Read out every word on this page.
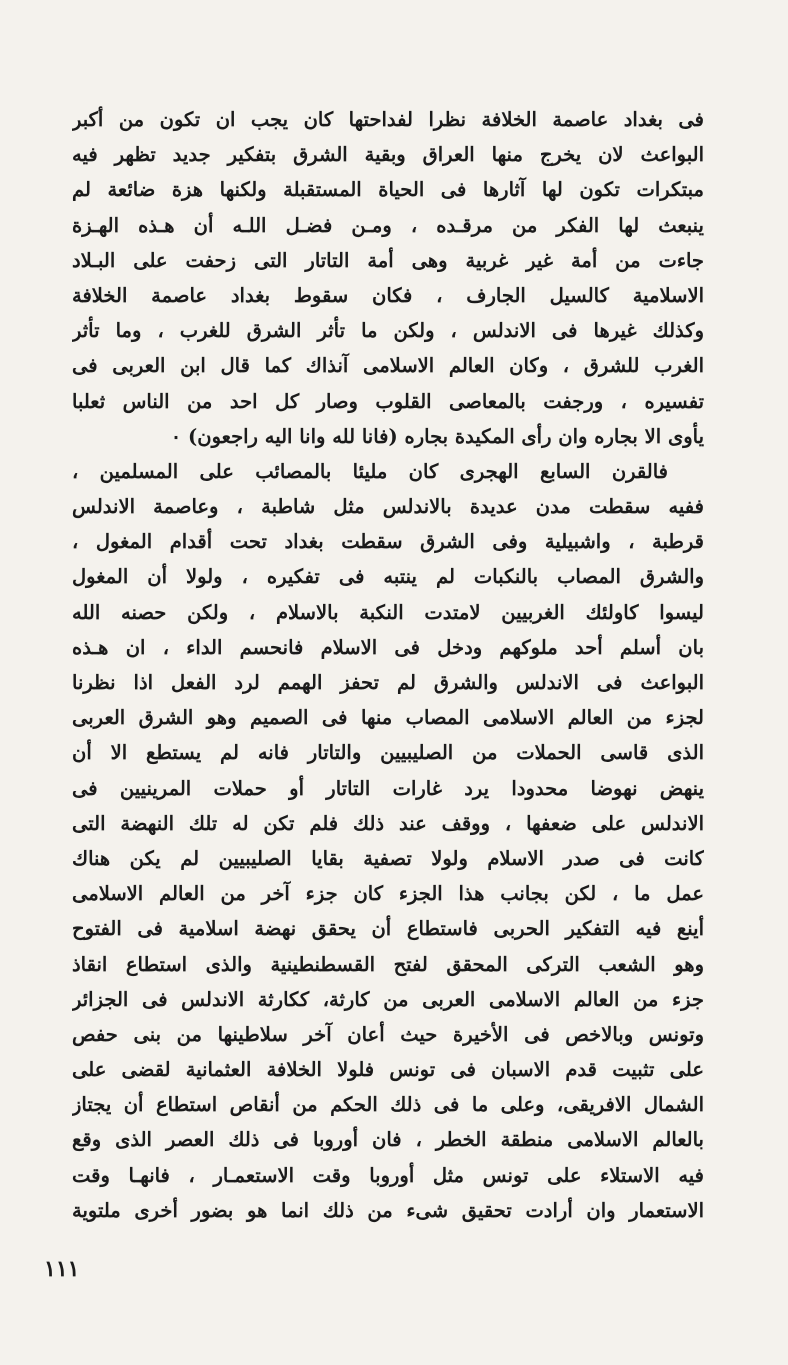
فى بغداد عاصمة الخلافة نظرا لفداحتها كان يجب ان تكون من أكبر
البواعث لان يخرج منها العراق وبقية الشرق بتفكير جديد تظهر فيه
مبتكرات تكون لها آثارها فى الحياة المستقبلة ولكنها هزة ضائعة لم
ينبعث لها الفكر من مرقـده ، ومـن فضـل اللـه أن هـذه الهـزة
جاءت من أمة غير غربية وهى أمة التاتار التى زحفت على البـلاد
الاسلامية كالسيل الجارف ، فكان سقوط بغداد عاصمة الخلافة
وكذلك غيرها فى الاندلس ، ولكن ما تأثر الشرق للغرب ، وما تأثر
الغرب للشرق ، وكان العالم الاسلامى آنذاك كما قال ابن العربى فى
تفسيره ، ورجفت بالمعاصى القلوب وصار كل احد من الناس ثعلبا
يأوى الا بجاره وان رأى المكيدة بجاره (فانا لله وانا اليه راجعون) ٠
فالقرن السابع الهجرى كان مليئا بالمصائب على المسلمين ،
ففيه سقطت مدن عديدة بالاندلس مثل شاطبة ، وعاصمة الاندلس
قرطبة ، واشبيلية وفى الشرق سقطت بغداد تحت أقدام المغول ،
والشرق المصاب بالنكبات لم ينتبه فى تفكيره ، ولولا أن المغول
ليسوا كاولئك الغربيين لامتدت النكبة بالاسلام ، ولكن حصنه الله
بان أسلم أحد ملوكهم ودخل فى الاسلام فانحسم الداء ، ان هـذه
البواعث فى الاندلس والشرق لم تحفز الهمم لرد الفعل اذا نظرنا
لجزء من العالم الاسلامى المصاب منها فى الصميم وهو الشرق العربى
الذى قاسى الحملات من الصليبيين والتاتار فانه لم يستطع الا أن
ينهض نهوضا محدودا يرد غارات التاتار أو حملات المرينيين فى
الاندلس على ضعفها ، ووقف عند ذلك فلم تكن له تلك النهضة التى
كانت فى صدر الاسلام ولولا تصفية بقايا الصليبيين لم يكن هناك
عمل ما ، لكن بجانب هذا الجزء كان جزء آخر من العالم الاسلامى
أينع فيه التفكير الحربى فاستطاع أن يحقق نهضة اسلامية فى الفتوح
وهو الشعب التركى المحقق لفتح القسطنطينية والذى استطاع انقاذ
جزء من العالم الاسلامى العربى من كارثة، ككارثة الاندلس فى الجزائر
وتونس وبالاخص فى الأخيرة حيث أعان آخر سلاطينها من بنى حفص
على تثبيت قدم الاسبان فى تونس فلولا الخلافة العثمانية لقضى على
الشمال الافريقى، وعلى ما فى ذلك الحكم من أنقاص استطاع أن يجتاز
بالعالم الاسلامى منطقة الخطر ، فان أوروبا فى ذلك العصر الذى وقع
فيه الاستلاء على تونس مثل أوروبا وقت الاستعمـار ، فانهـا وقت
الاستعمار وان أرادت تحقيق شىء من ذلك انما هو بضور أخرى ملتوية
١١١
